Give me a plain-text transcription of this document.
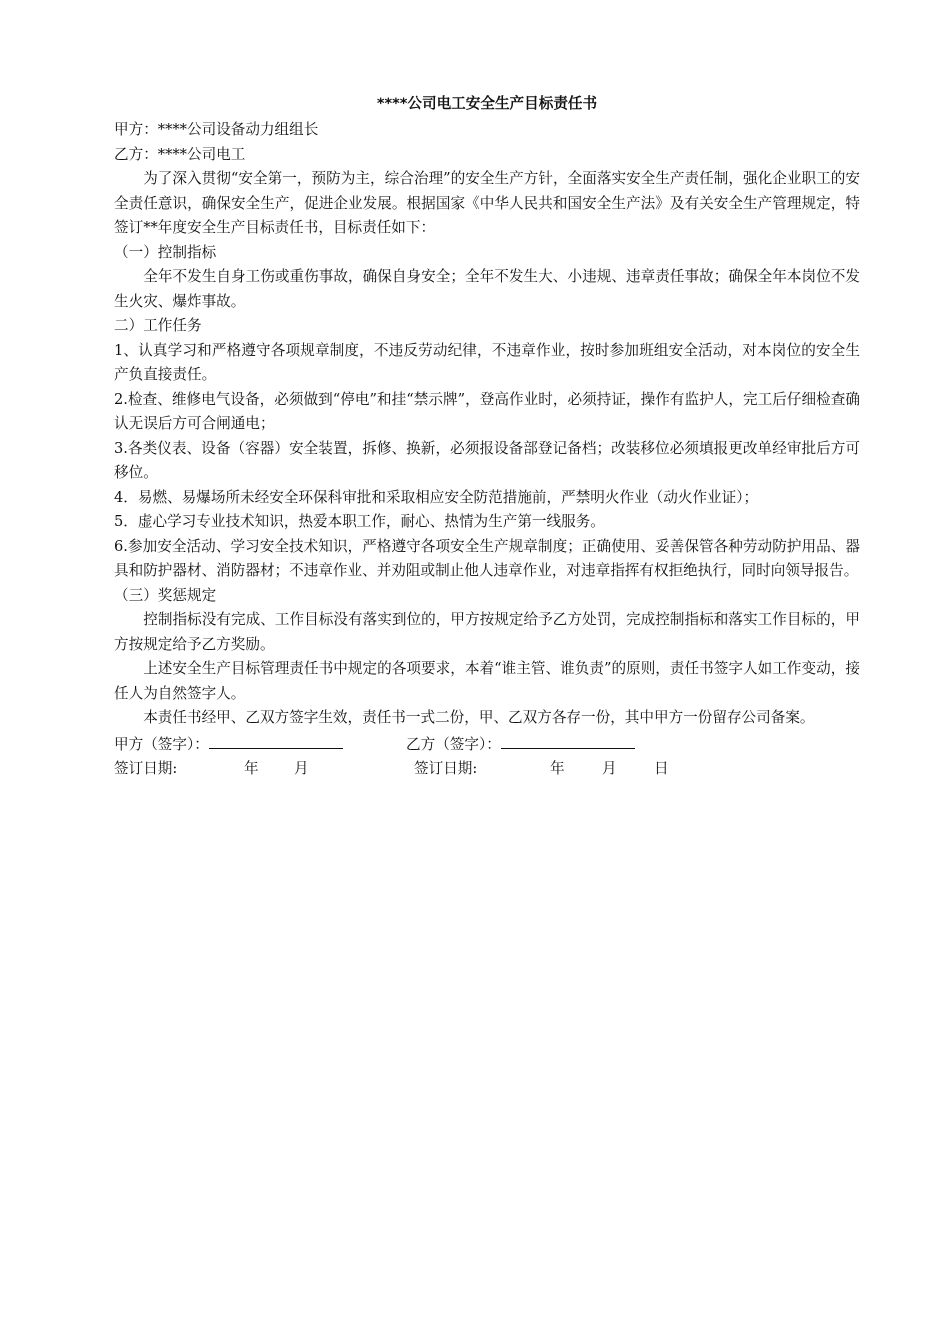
****公司电工安全生产目标责任书

甲方：****公司设备动力组组长

乙方：****公司电工

为了深入贯彻“安全第一，预防为主，综合治理”的安全生产方针，全面落实安全生产责任制，强化企业职工的安全责任意识，确保安全生产，促进企业发展。根据国家《中华人民共和国安全生产法》及有关安全生产管理规定，特签订**年度安全生产目标责任书，目标责任如下：

（一）控制指标

全年不发生自身工伤或重伤事故，确保自身安全；全年不发生大、小违规、违章责任事故；确保全年本岗位不发生火灾、爆炸事故。

二）工作任务

1、认真学习和严格遵守各项规章制度，不违反劳动纪律，不违章作业，按时参加班组安全活动，对本岗位的安全生产负直接责任。

2.检查、维修电气设备，必须做到“停电”和挂“禁示牌”，登高作业时，必须持证，操作有监护人，完工后仔细检查确认无误后方可合闸通电；

3.各类仪表、设备（容器）安全装置，拆修、换新，必须报设备部登记备档；改装移位必须填报更改单经审批后方可移位。

4．易燃、易爆场所未经安全环保科审批和采取相应安全防范措施前，严禁明火作业（动火作业证）；

5．虚心学习专业技术知识，热爱本职工作，耐心、热情为生产第一线服务。

6.参加安全活动、学习安全技术知识，严格遵守各项安全生产规章制度；正确使用、妥善保管各种劳动防护用品、器具和防护器材、消防器材；不违章作业、并劝阻或制止他人违章作业，对违章指挥有权拒绝执行，同时向领导报告。

（三）奖惩规定

控制指标没有完成、工作目标没有落实到位的，甲方按规定给予乙方处罚，完成控制指标和落实工作目标的，甲方按规定给予乙方奖励。

上述安全生产目标管理责任书中规定的各项要求，本着“谁主管、谁负责”的原则，责任书签字人如工作变动，接任人为自然签字人。

本责任书经甲、乙双方签字生效，责任书一式二份，甲、乙双方各存一份，其中甲方一份留存公司备案。

甲方（签字）：	乙方（签字）：
签订日期:	年	月	签订日期:	年	月	日
